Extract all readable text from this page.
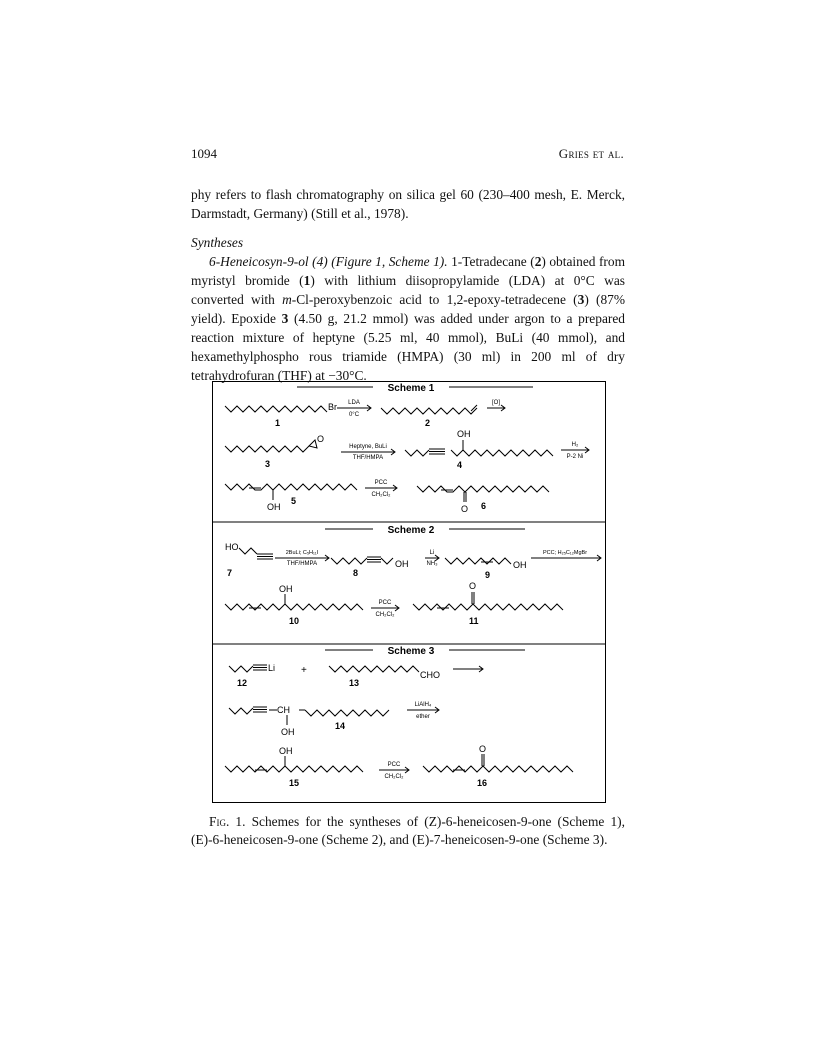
1094	Gries et al.
phy refers to flash chromatography on silica gel 60 (230–400 mesh, E. Merck, Darmstadt, Germany) (Still et al., 1978).
Syntheses
6-Heneicosyn-9-ol (4) (Figure 1, Scheme 1). 1-Tetradecane (2) obtained from myristyl bromide (1) with lithium diisopropylamide (LDA) at 0°C was converted with m-Cl-peroxybenzoic acid to 1,2-epoxy-tetradecene (3) (87% yield). Epoxide 3 (4.50 g, 21.2 mmol) was added under argon to a prepared reaction mixture of heptyne (5.25 ml, 40 mmol), BuLi (40 mmol), and hexamethylphospho rous triamide (HMPA) (30 ml) in 200 ml of dry tetrahydrofuran (THF) at −30°C.
Scheme 1
Scheme 2
Scheme 3
Br
1
LDA
0°C
2
[O]
O
3
Heptyne, BuLi
THF/HMPA
OH
4
H₂
P-2 Ni
OH
5
PCC
CH₂Cl₂
O 6
HO
7
2BuLi; C₅H₁₁I
THF/HMPA	OH
8
Li
NH₃	OH
9
PCC; H₂₅C₁₂MgBr
OH
10
PCC
CH₂Cl₂
O
11
Li
12
+	CHO
13
CH
OH
14
LiAlH₄
ether
OH
15
PCC
CH₂Cl₂
O
16
Fig. 1. Schemes for the syntheses of (Z)-6-heneicosen-9-one (Scheme 1), (E)-6-heneicosen-9-one (Scheme 2), and (E)-7-heneicosen-9-one (Scheme 3).
